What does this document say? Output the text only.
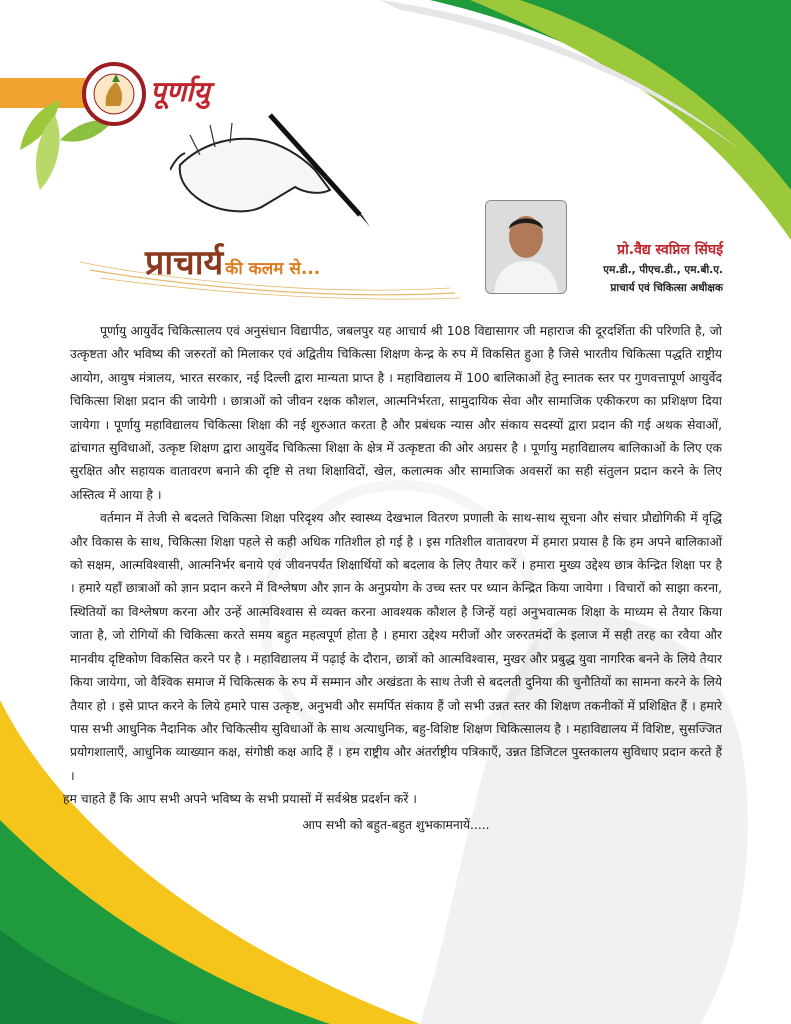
पूर्णायु
प्राचार्य की कलम से...
प्रो.वैद्य स्वप्निल सिंघई
एम.डी., पीएच.डी., एम.बी.ए.
प्राचार्य एवं चिकित्सा अधीक्षक

पूर्णायु आयुर्वेद चिकित्सालय एवं अनुसंधान विद्यापीठ, जबलपुर यह आचार्य श्री 108 विद्यासागर जी महाराज की दूरदर्शिता की परिणति है, जो उत्कृष्टता और भविष्य की जरुरतों को मिलाकर एवं अद्वितीय चिकित्सा शिक्षण केन्द्र के रुप में विकसित हुआ है जिसे भारतीय चिकित्सा पद्धति राष्ट्रीय आयोग, आयुष मंत्रालय, भारत सरकार, नई दिल्ली द्वारा मान्यता प्राप्त है । महाविद्यालय में 100 बालिकाओं हेतु स्नातक स्तर पर गुणवत्तापूर्ण आयुर्वेद चिकित्सा शिक्षा प्रदान की जायेगी । छात्राओं को जीवन रक्षक कौशल, आत्मनिर्भरता, सामुदायिक सेवा और सामाजिक एकीकरण का प्रशिक्षण दिया जायेगा । पूर्णायु महाविद्यालय चिकित्सा शिक्षा की नई शुरुआत करता है और प्रबंधक न्यास और संकाय सदस्यों द्वारा प्रदान की गई अथक सेवाओं, ढांचागत सुविधाओं, उत्कृष्ट शिक्षण द्वारा आयुर्वेद चिकित्सा शिक्षा के क्षेत्र में उत्कृष्टता की ओर अग्रसर है । पूर्णायु महाविद्यालय बालिकाओं के लिए एक सुरक्षित और सहायक वातावरण बनाने की दृष्टि से तथा शिक्षाविदों, खेल, कलात्मक और सामाजिक अवसरों का सही संतुलन प्रदान करने के लिए अस्तित्व में आया है ।

वर्तमान में तेजी से बदलते चिकित्सा शिक्षा परिदृश्य और स्वास्थ्य देखभाल वितरण प्रणाली के साथ-साथ सूचना और संचार प्रौद्योगिकी में वृद्धि और विकास के साथ, चिकित्सा शिक्षा पहले से कही अधिक गतिशील हो गई है । इस गतिशील वातावरण में हमारा प्रयास है कि हम अपने बालिकाओं को सक्षम, आत्मविश्वासी, आत्मनिर्भर बनाये एवं जीवनपर्यंत शिक्षार्थियों को बदलाव के लिए तैयार करें । हमारा मुख्य उद्देश्य छात्र केन्द्रित शिक्षा पर है । हमारे यहाँ छात्राओं को ज्ञान प्रदान करने में विश्लेषण और ज्ञान के अनुप्रयोग के उच्च स्तर पर ध्यान केन्द्रित किया जायेगा । विचारों को साझा करना, स्थितियों का विश्लेषण करना और उन्हें आत्मविश्वास से व्यक्त करना आवश्यक कौशल है जिन्हें यहां अनुभवात्मक शिक्षा के माध्यम से तैयार किया जाता है, जो रोगियों की चिकित्सा करते समय बहुत महत्वपूर्ण होता है । हमारा उद्देश्य मरीजों और जरुरतमंदों के इलाज में सही तरह का रवैया और मानवीय दृष्टिकोण विकसित करने पर है । महाविद्यालय में पढ़ाई के दौरान, छात्रों को आत्मविश्वास, मुखर और प्रबुद्ध युवा नागरिक बनने के लिये तैयार किया जायेगा, जो वैश्विक समाज में चिकित्सक के रुप में सम्मान और अखंडता के साथ तेजी से बदलती दुनिया की चुनौतियों का सामना करने के लिये तैयार हो । इसे प्राप्त करने के लिये हमारे पास उत्कृष्ट, अनुभवी और समर्पित संकाय हैं जो सभी उन्नत स्तर की शिक्षण तकनीकों में प्रशिक्षित हैं । हमारे पास सभी आधुनिक नैदानिक और चिकित्सीय सुविधाओं के साथ अत्याधुनिक, बहु-विशिष्ट शिक्षण चिकित्सालय है । महाविद्यालय में विशिष्ट, सुसज्जित प्रयोगशालाएँ, आधुनिक व्याख्यान कक्ष, संगोष्ठी कक्ष आदि हैं । हम राष्ट्रीय और अंतर्राष्ट्रीय पत्रिकाएँ, उन्नत डिजिटल पुस्तकालय सुविधाए प्रदान करते हैं ।

हम चाहते हैं कि आप सभी अपने भविष्य के सभी प्रयासों में सर्वश्रेष्ठ प्रदर्शन करें ।

आप सभी को बहुत-बहुत शुभकामनायें.....
